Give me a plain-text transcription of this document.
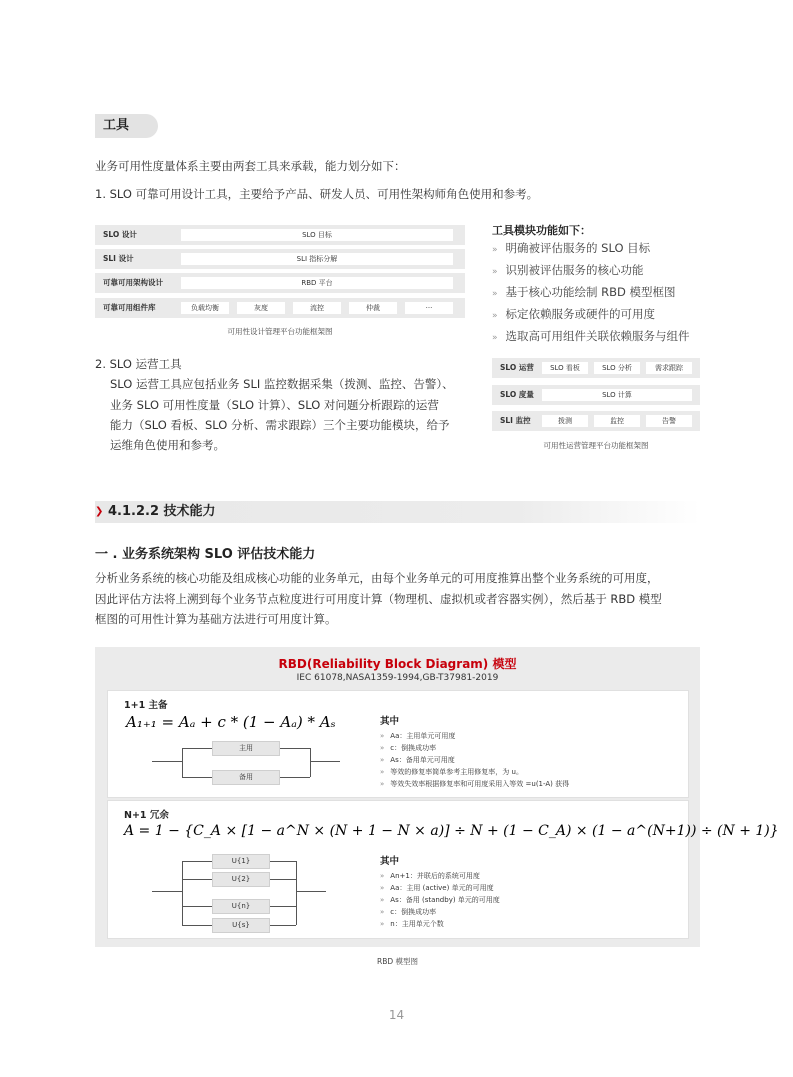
工具
业务可用性度量体系主要由两套工具来承载，能力划分如下：
1. SLO 可靠可用设计工具，主要给予产品、研发人员、可用性架构师角色使用和参考。
SLO 设计	SLO 目标
SLI 设计	SLI 指标分解
可靠可用架构设计	RBD 平台
可靠可用组件库	负载均衡	灰度	流控	仲裁	···
可用性设计管理平台功能框架图
工具模块功能如下：
» 明确被评估服务的 SLO 目标
» 识别被评估服务的核心功能
» 基于核心功能绘制 RBD 模型框图
» 标定依赖服务或硬件的可用度
» 选取高可用组件关联依赖服务与组件
2. SLO 运营工具
SLO 运营工具应包括业务 SLI 监控数据采集（拨测、监控、告警）、
业务 SLO 可用性度量（SLO 计算）、SLO 对问题分析跟踪的运营
能力（SLO 看板、SLO 分析、需求跟踪）三个主要功能模块，给予
运维角色使用和参考。
SLO 运营	SLO 看板	SLO 分析	需求跟踪
SLO 度量	SLO 计算
SLI 监控	拨测	监控	告警
可用性运营管理平台功能框架图
❯ 4.1.2.2 技术能力
一 . 业务系统架构 SLO 评估技术能力
分析业务系统的核心功能及组成核心功能的业务单元，由每个业务单元的可用度推算出整个业务系统的可用度，
因此评估方法将上溯到每个业务节点粒度进行可用度计算（物理机、虚拟机或者容器实例），然后基于 RBD 模型
框图的可用性计算为基础方法进行可用度计算。
RBD(Reliability Block Diagram) 模型
IEC 61078,NASA1359-1994,GB-T37981-2019
1+1 主备
A₁₊₁ = Aₐ + c * (1 − Aₐ) * Aₛ
主用
备用
其中
» Aa：主用单元可用度
» c：倒换成功率
» As：备用单元可用度
» 等效的修复率简单参考主用修复率，为 u。
» 等效失效率根据修复率和可用度采用入等效 =u(1-A) 获得
N+1 冗余
A = 1 − {C_A × [1 − a^N × (N + 1 − N × a)] ÷ N + (1 − C_A) × (1 − a^(N+1)) ÷ (N + 1)}
U{1}
U{2}
U{n}
U{s}
其中
» An+1：并联后的系统可用度
» Aa：主用 (active) 单元的可用度
» As：备用 (standby) 单元的可用度
» c：倒换成功率
» n：主用单元个数
RBD 模型图
14
